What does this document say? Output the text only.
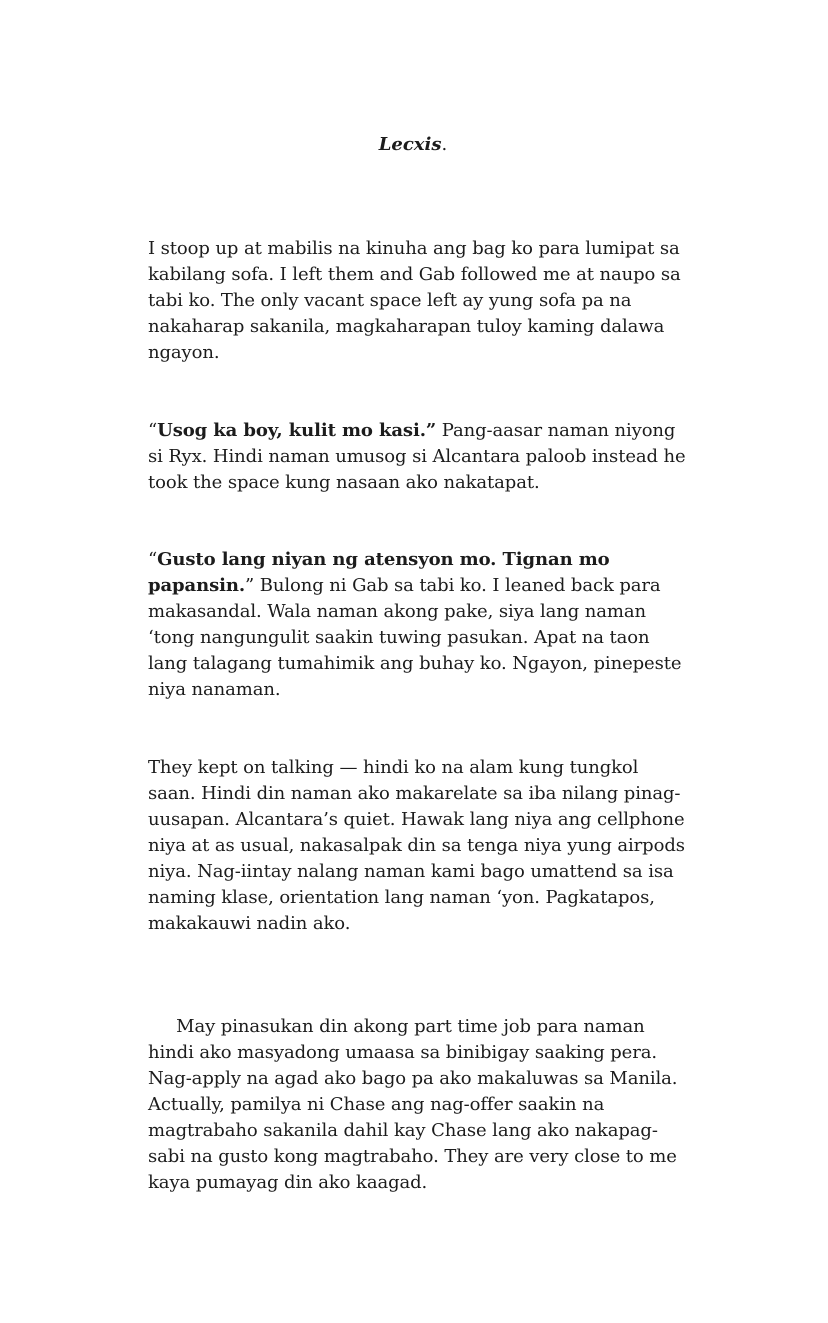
Lecxis.

I stoop up at mabilis na kinuha ang bag ko para lumipat sa kabilang sofa. I left them and Gab followed me at naupo sa tabi ko. The only vacant space left ay yung sofa pa na nakaharap sakanila, magkaharapan tuloy kaming dalawa ngayon.

“Usog ka boy, kulit mo kasi.” Pang-aasar naman niyong si Ryx. Hindi naman umusog si Alcantara paloob instead he took the space kung nasaan ako nakatapat.

“Gusto lang niyan ng atensyon mo. Tignan mo papansin.” Bulong ni Gab sa tabi ko. I leaned back para makasandal. Wala naman akong pake, siya lang naman ‘tong nangungulit saakin tuwing pasukan. Apat na taon lang talagang tumahimik ang buhay ko. Ngayon, pinepeste niya nanaman.

They kept on talking — hindi ko na alam kung tungkol saan. Hindi din naman ako makarelate sa iba nilang pinag-uusapan. Alcantara’s quiet. Hawak lang niya ang cellphone niya at as usual, nakasalpak din sa tenga niya yung airpods niya. Nag-iintay nalang naman kami bago umattend sa isa naming klase, orientation lang naman ‘yon. Pagkatapos, makakauwi nadin ako.

May pinasukan din akong part time job para naman hindi ako masyadong umaasa sa binibigay saaking pera. Nag-apply na agad ako bago pa ako makaluwas sa Manila. Actually, pamilya ni Chase ang nag-offer saakin na magtrabaho sakanila dahil kay Chase lang ako nakapag-sabi na gusto kong magtrabaho. They are very close to me kaya pumayag din ako kaagad.
